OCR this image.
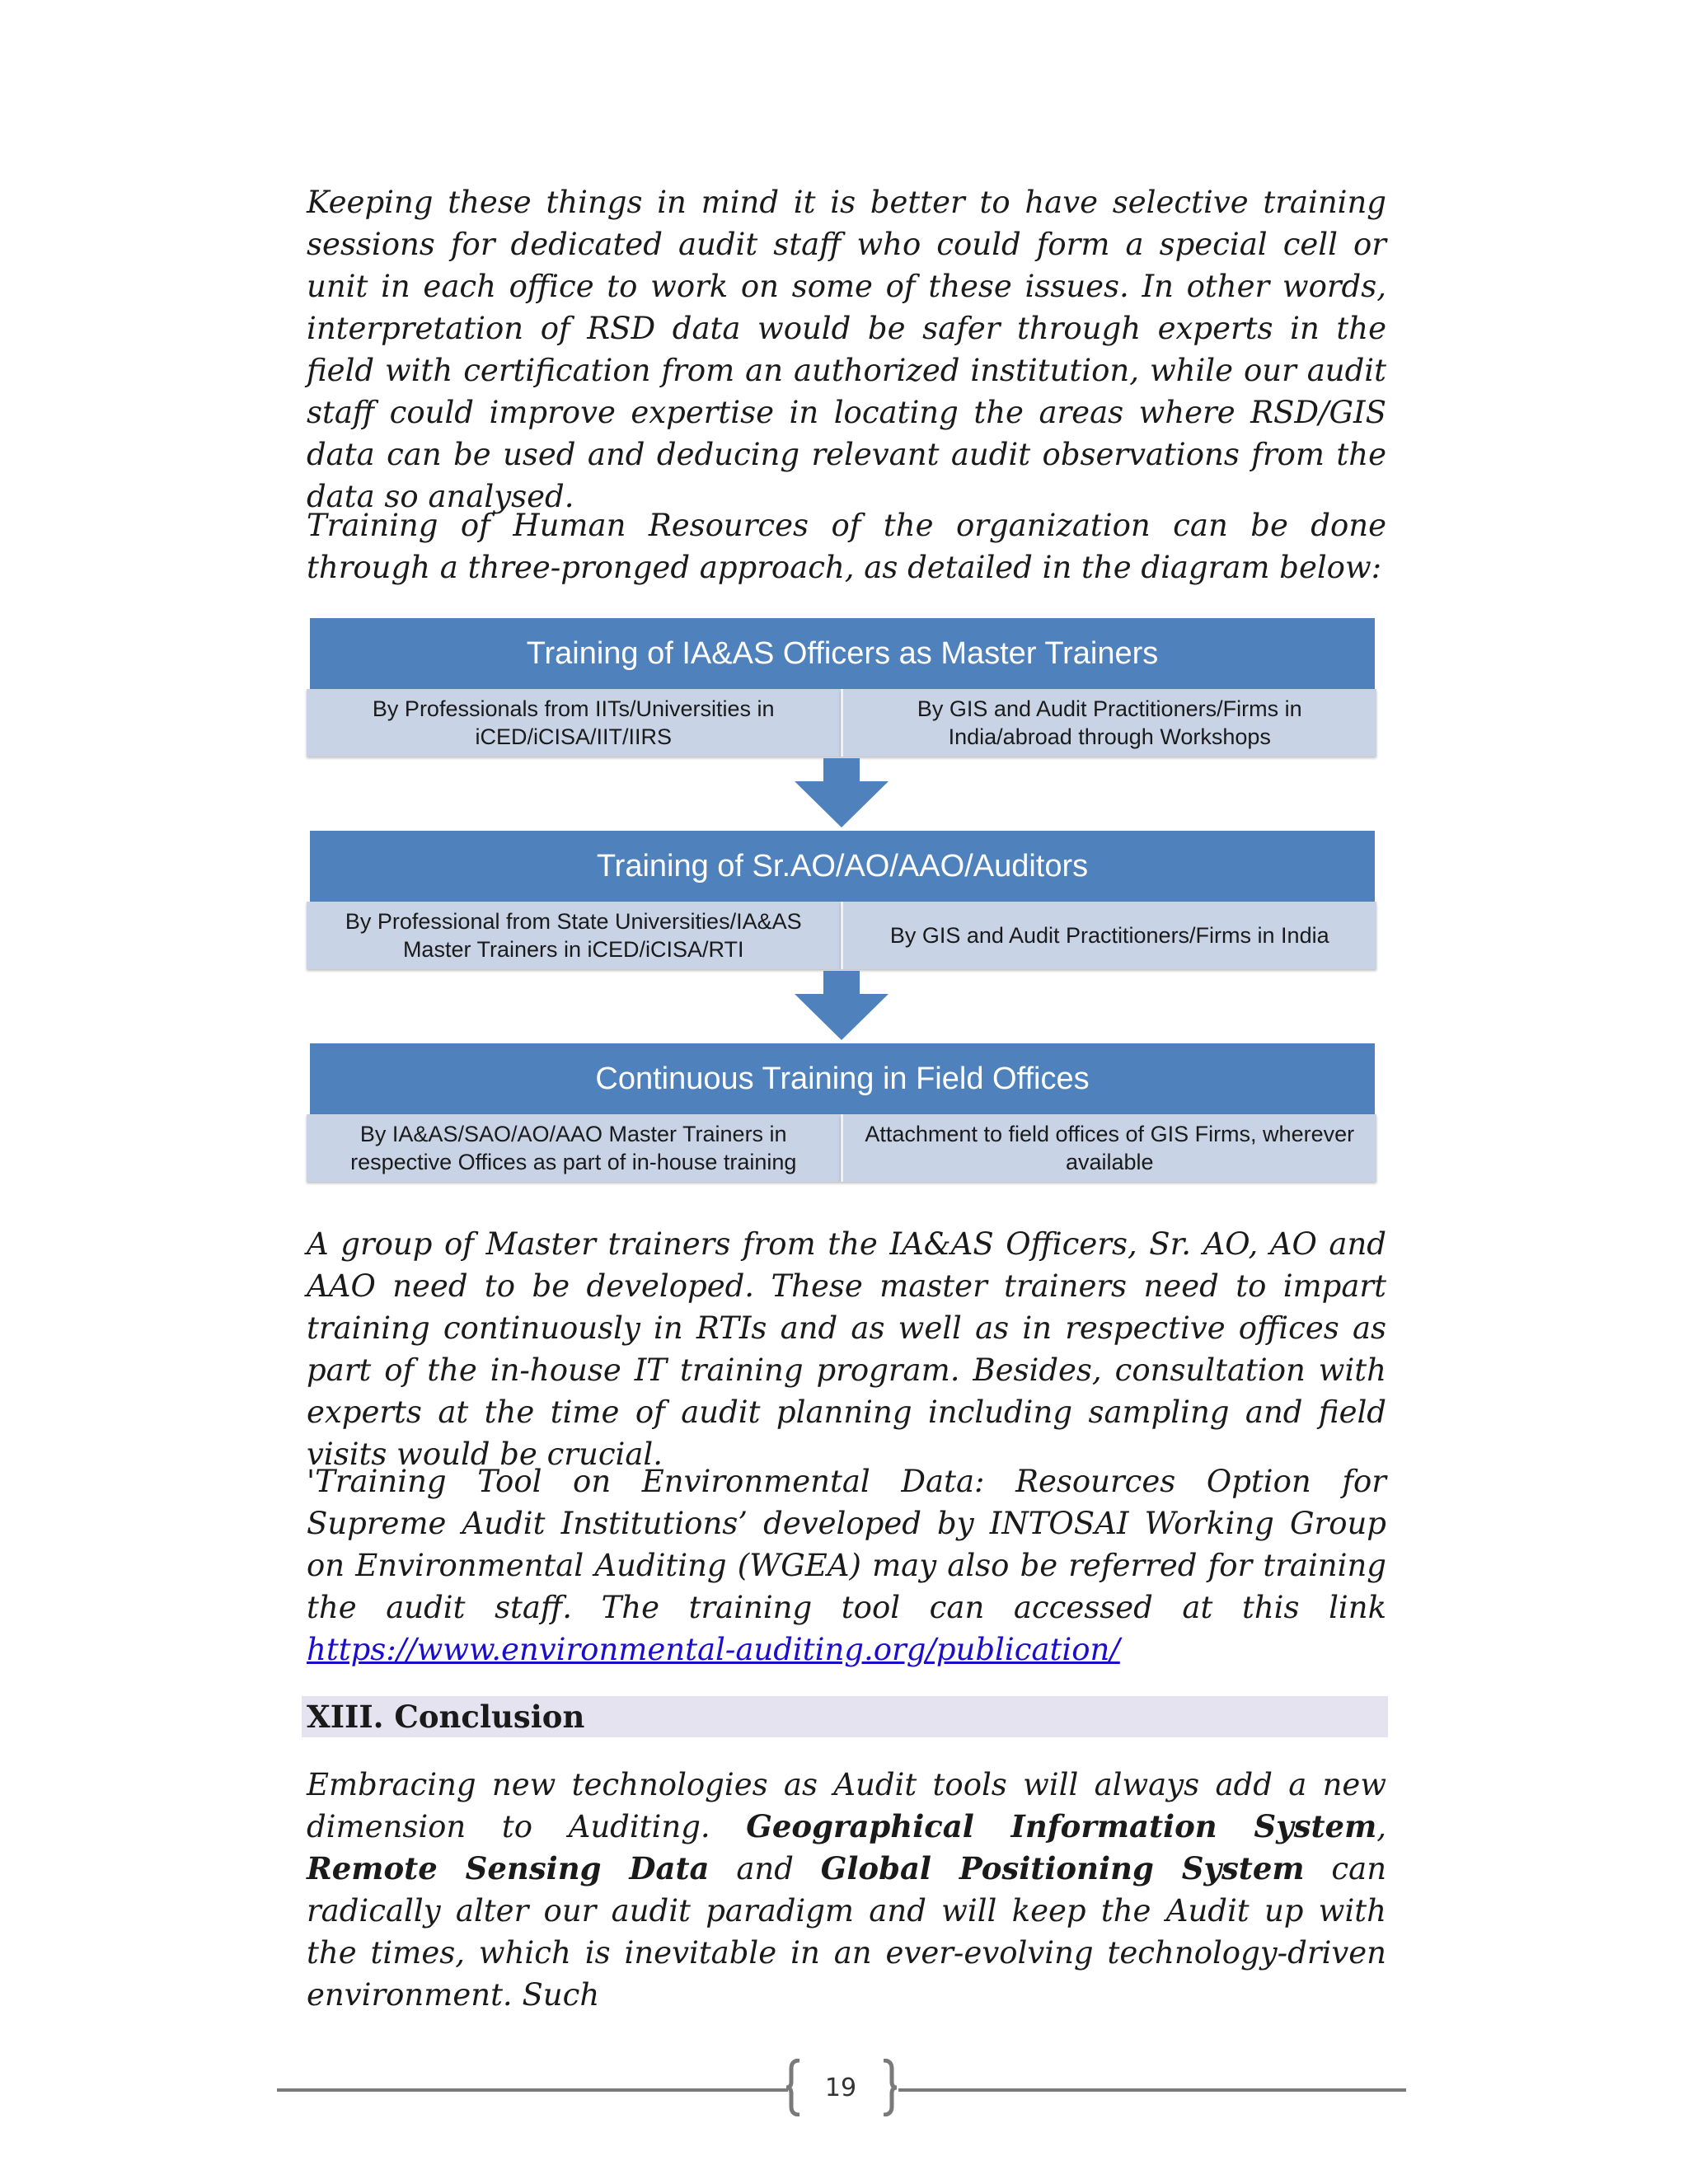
Keeping these things in mind it is better to have selective training sessions for dedicated audit staff who could form a special cell or unit in each office to work on some of these issues. In other words, interpretation of RSD data would be safer through experts in the field with certification from an authorized institution, while our audit staff could improve expertise in locating the areas where RSD/GIS data can be used and deducing relevant audit observations from the data so analysed.

Training of Human Resources of the organization can be done through a three-pronged approach, as detailed in the diagram below:

Training of IA&AS Officers as Master Trainers
By Professionals from IITs/Universities in iCED/iCISA/IIT/IIRS
By GIS and Audit Practitioners/Firms in India/abroad through Workshops
Training of Sr.AO/AO/AAO/Auditors
By Professional from State Universities/IA&AS Master Trainers in iCED/iCISA/RTI
By GIS and Audit Practitioners/Firms in India
Continuous Training in Field Offices
By IA&AS/SAO/AO/AAO Master Trainers in respective Offices as part of in-house training
Attachment to field offices of GIS Firms, wherever available

A group of Master trainers from the IA&AS Officers, Sr. AO, AO and AAO need to be developed. These master trainers need to impart training continuously in RTIs and as well as in respective offices as part of the in-house IT training program. Besides, consultation with experts at the time of audit planning including sampling and field visits would be crucial.

'Training Tool on Environmental Data: Resources Option for Supreme Audit Institutions’ developed by INTOSAI Working Group on Environmental Auditing (WGEA) may also be referred for training the audit staff. The training tool can accessed at this link https://www.environmental-auditing.org/publication/

XIII. Conclusion

Embracing new technologies as Audit tools will always add a new dimension to Auditing. Geographical Information System, Remote Sensing Data and Global Positioning System can radically alter our audit paradigm and will keep the Audit up with the times, which is inevitable in an ever-evolving technology-driven environment. Such

19
